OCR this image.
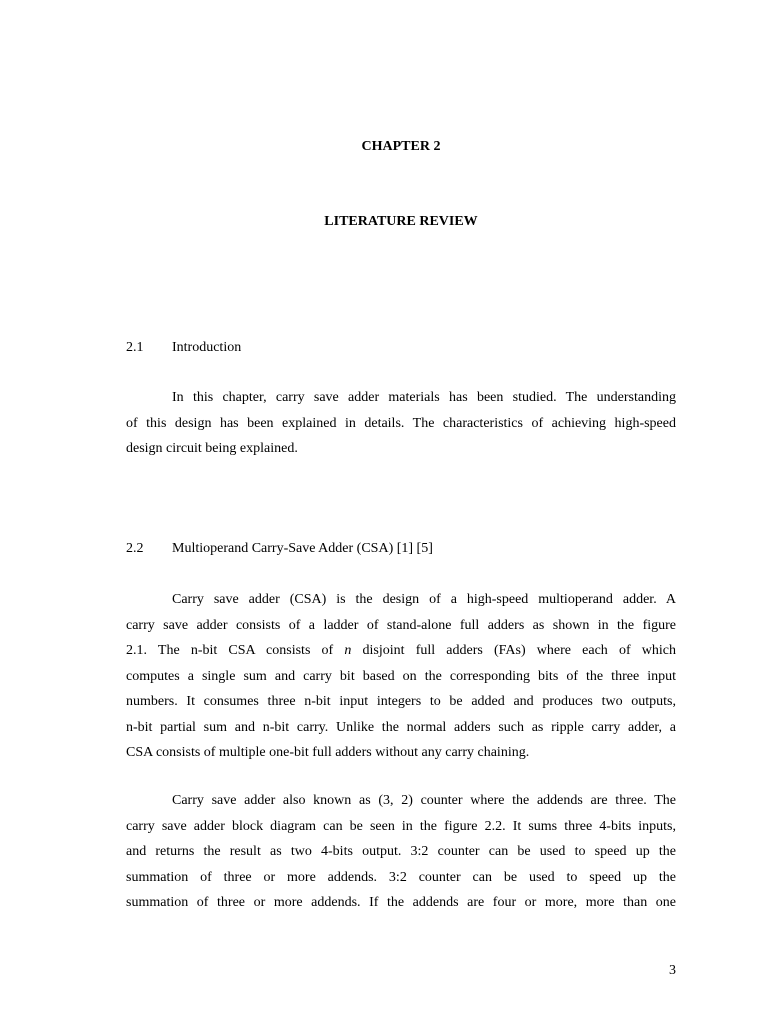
CHAPTER 2
LITERATURE REVIEW
2.1 Introduction
In this chapter, carry save adder materials has been studied. The understanding
of this design has been explained in details. The characteristics of achieving high-speed
design circuit being explained.
2.2 Multioperand Carry-Save Adder (CSA) [1] [5]
Carry save adder (CSA) is the design of a high-speed multioperand adder. A
carry save adder consists of a ladder of stand-alone full adders as shown in the figure
2.1. The n-bit CSA consists of n disjoint full adders (FAs) where each of which
computes a single sum and carry bit based on the corresponding bits of the three input
numbers. It consumes three n-bit input integers to be added and produces two outputs,
n-bit partial sum and n-bit carry. Unlike the normal adders such as ripple carry adder, a
CSA consists of multiple one-bit full adders without any carry chaining.
Carry save adder also known as (3, 2) counter where the addends are three. The
carry save adder block diagram can be seen in the figure 2.2. It sums three 4-bits inputs,
and returns the result as two 4-bits output. 3:2 counter can be used to speed up the
summation of three or more addends. 3:2 counter can be used to speed up the
summation of three or more addends. If the addends are four or more, more than one
3
